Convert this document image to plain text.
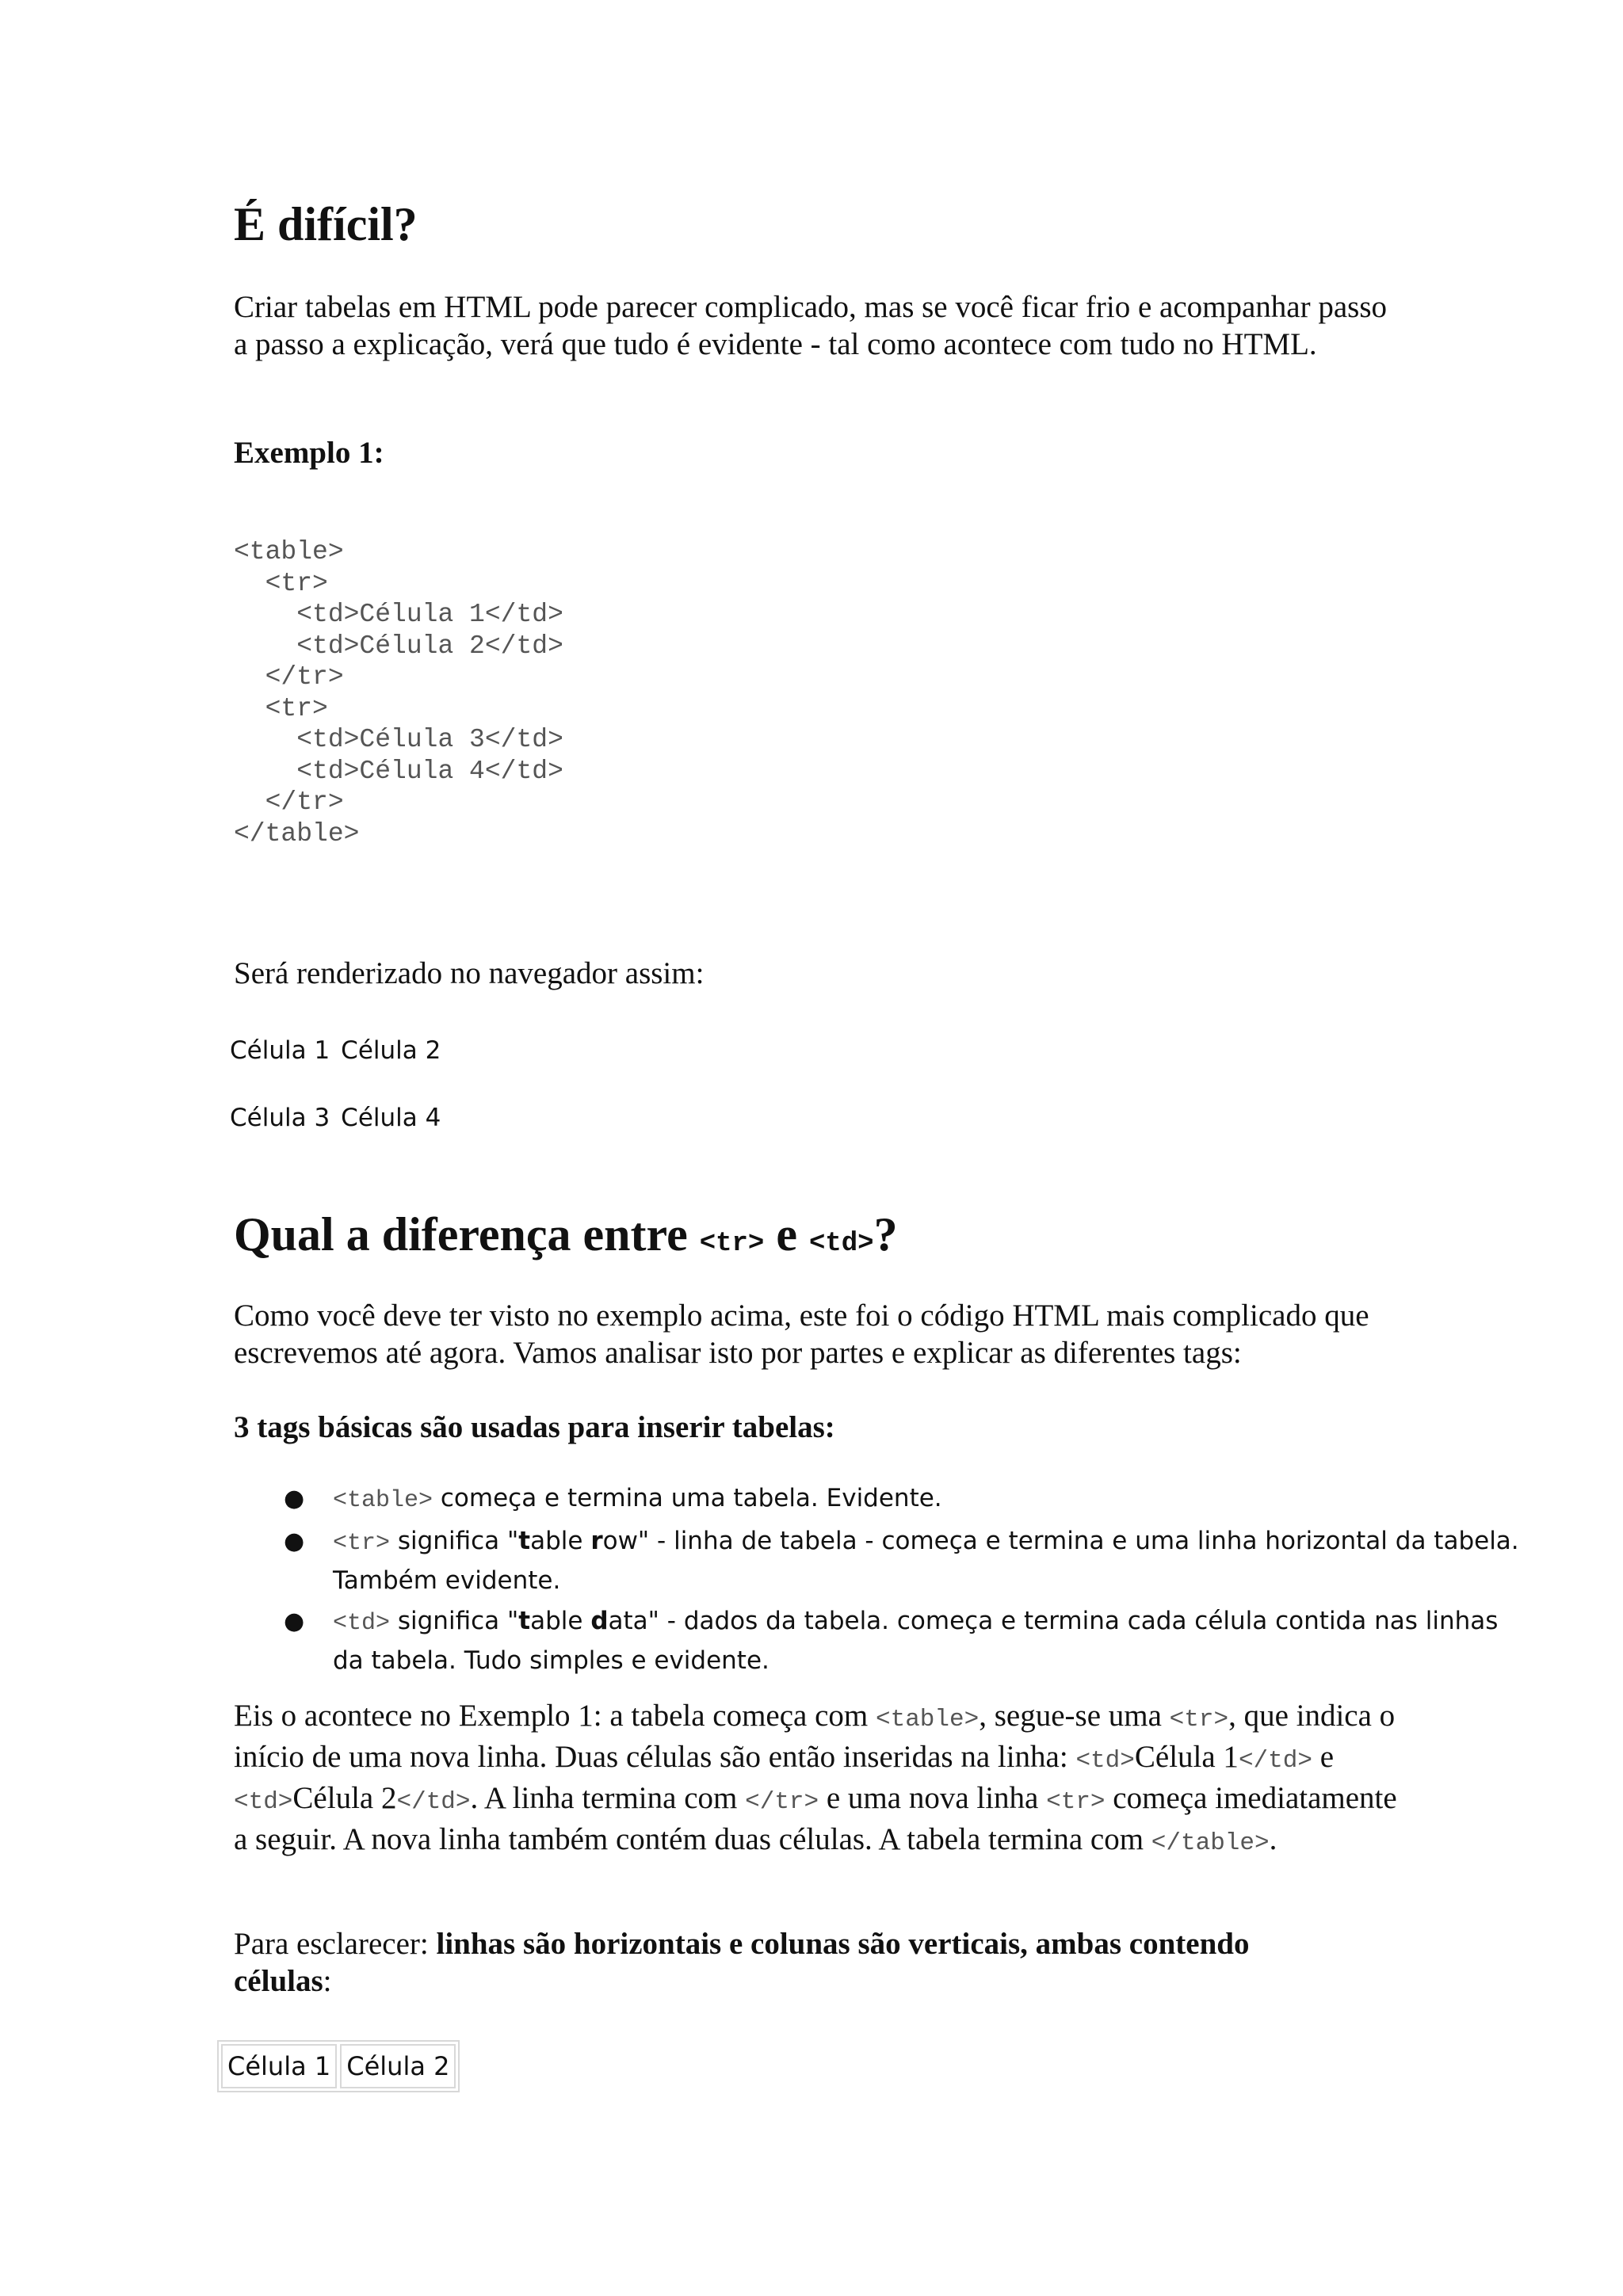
É difícil?

Criar tabelas em HTML pode parecer complicado, mas se você ficar frio e acompanhar passo a passo a explicação, verá que tudo é evidente - tal como acontece com tudo no HTML.

Exemplo 1:

<table>
<tr>
<td>Célula 1</td>
<td>Célula 2</td>
</tr>
<tr>
<td>Célula 3</td>
<td>Célula 4</td>
</tr>
</table>

Será renderizado no navegador assim:

Célula 1 Célula 2
Célula 3 Célula 4
Qual a diferença entre <tr> e <td>?

Como você deve ter visto no exemplo acima, este foi o código HTML mais complicado que escrevemos até agora. Vamos analisar isto por partes e explicar as diferentes tags:

3 tags básicas são usadas para inserir tabelas:

● <table> começa e termina uma tabela. Evidente.
● <tr> significa "table row" - linha de tabela - começa e termina e uma linha horizontal da tabela. Também evidente.
● <td> significa "table data" - dados da tabela. começa e termina cada célula contida nas linhas da tabela. Tudo simples e evidente.

Eis o acontece no Exemplo 1: a tabela começa com <table>, segue-se uma <tr>, que indica o início de uma nova linha. Duas células são então inseridas na linha: <td>Célula 1</td> e <td>Célula 2</td>. A linha termina com </tr> e uma nova linha <tr> começa imediatamente a seguir. A nova linha também contém duas células. A tabela termina com </table>.

Para esclarecer: linhas são horizontais e colunas são verticais, ambas contendo
células:

Célula 1 Célula 2
